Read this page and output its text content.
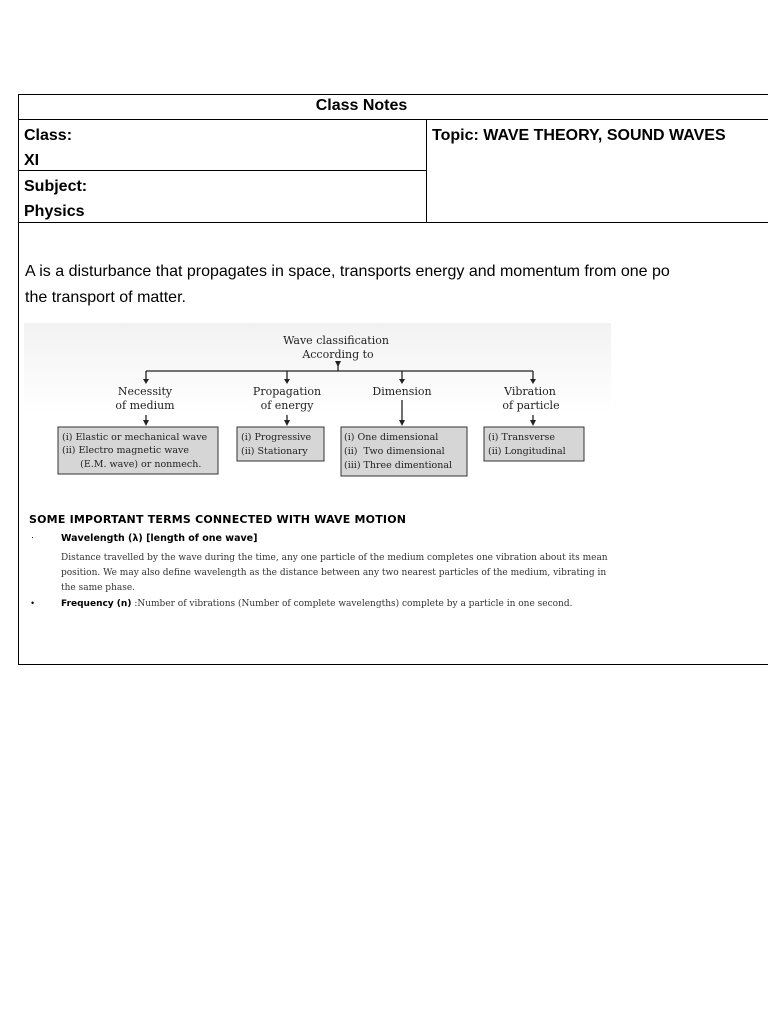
Class Notes
Class:
XI
Subject:
Physics
Topic: WAVE THEORY, SOUND WAVES
A is a disturbance that propagates in space, transports energy and momentum from one po
the transport of matter.
Wave classification
According to
Necessity
of medium
Propagation
of energy
Dimension	Vibration
of particle
(i) Elastic or mechanical wave
(ii) Electro magnetic wave
(E.M. wave) or nonmech.
(i) Progressive
(ii) Stationary
(i) One dimensional
(ii)  Two dimensional
(iii) Three dimentional
(i) Transverse
(ii) Longitudinal
SOME IMPORTANT TERMS CONNECTED WITH WAVE MOTION
·	Wavelength (λ) [length of one wave]
Distance travelled by the wave during the time, any one particle of the medium completes one vibration about its mean position. We may also define wavelength as the distance between any two nearest particles of the medium, vibrating in the same phase.
•	Frequency (n) :Number of vibrations (Number of complete wavelengths) complete by a particle in one second.
